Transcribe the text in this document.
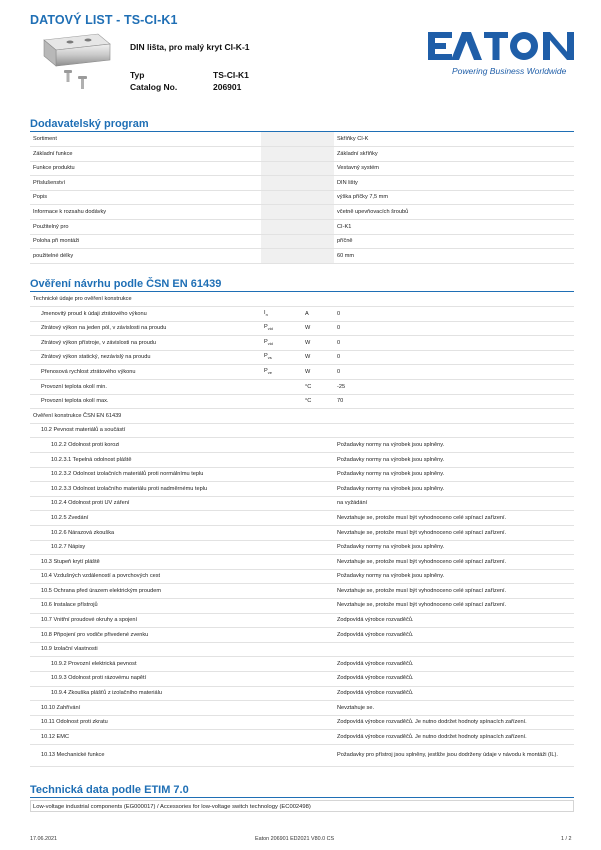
DATOVÝ LIST - TS-CI-K1
DIN lišta, pro malý kryt CI-K-1
Typ	TS-CI-K1
Catalog No.	206901
Powering Business Worldwide
Dodavatelský program
Sortiment			Skříňky CI-K
Základní funkce			Základní skříňky
Funkce produktu			Vestavný systém
Příslušenství			DIN lišty
Popis			výška příčky 7,5 mm
Informace k rozsahu dodávky			včetně upevňovacích šroubů
Použitelný pro			CI-K1
Poloha při montáži			příčně
použitelné délky			60 mm
Ověření návrhu podle ČSN EN 61439
Technické údaje pro ověření konstrukce			
Jmenovitý proud k údaji ztrátového výkonu	$I_n$	A	0
Ztrátový výkon na jeden pól, v závislosti na proudu	$P_{vid}$	W	0
Ztrátový výkon přístroje, v závislosti na proudu	$P_{vid}$	W	0
Ztrátový výkon statický, nezávislý na proudu	$P_{vs}$	W	0
Přenosová rychlost ztrátového výkonu	$P_{ve}$	W	0
Provozní teplota okolí min.		°C	-25
Provozní teplota okolí max.		°C	70
Ověření konstrukce ČSN EN 61439			
10.2 Pevnost materiálů a součástí			
10.2.2 Odolnost proti korozi			Požadavky normy na výrobek jsou splněny.
10.2.3.1 Tepelná odolnost pláště			Požadavky normy na výrobek jsou splněny.
10.2.3.2 Odolnost izolačních materiálů proti normálnímu teplu			Požadavky normy na výrobek jsou splněny.
10.2.3.3 Odolnost izolačního materiálu proti nadměrnému teplu			Požadavky normy na výrobek jsou splněny.
10.2.4 Odolnost proti UV záření			na vyžádání
10.2.5 Zvedání			Nevztahuje se, protože musí být vyhodnoceno celé spínací zařízení.
10.2.6 Nárazová zkouška			Nevztahuje se, protože musí být vyhodnoceno celé spínací zařízení.
10.2.7 Nápisy			Požadavky normy na výrobek jsou splněny.
10.3 Stupeň krytí pláště			Nevztahuje se, protože musí být vyhodnoceno celé spínací zařízení.
10.4 Vzdušných vzdáleností a povrchových cest			Požadavky normy na výrobek jsou splněny.
10.5 Ochrana před úrazem elektrickým proudem			Nevztahuje se, protože musí být vyhodnoceno celé spínací zařízení.
10.6 Instalace přístrojů			Nevztahuje se, protože musí být vyhodnoceno celé spínací zařízení.
10.7 Vnitřní proudové okruhy a spojení			Zodpovídá výrobce rozvaděčů.
10.8 Připojení pro vodiče přivedené zvenku			Zodpovídá výrobce rozvaděčů.
10.9 Izolační vlastnosti			
10.9.2 Provozní elektrická pevnost			Zodpovídá výrobce rozvaděčů.
10.9.3 Odolnost proti rázovému napětí			Zodpovídá výrobce rozvaděčů.
10.9.4 Zkouška plášťů z izolačního materiálu			Zodpovídá výrobce rozvaděčů.
10.10 Zahřívání			Nevztahuje se.
10.11 Odolnost proti zkratu			Zodpovídá výrobce rozvaděčů. Je nutno dodržet hodnoty spínacích zařízení.
10.12 EMC			Zodpovídá výrobce rozvaděčů. Je nutno dodržet hodnoty spínacích zařízení.
10.13 Mechanické funkce			Požadavky pro přístroj jsou splněny, jestliže jsou dodrženy údaje v návodu k montáži (IL).
Technická data podle ETIM 7.0
Low-voltage industrial components (EG000017) / Accessories for low-voltage switch technology (EC002498)
17.06.2021	Eaton 206901 ED2021 V80.0 CS	1 / 2
